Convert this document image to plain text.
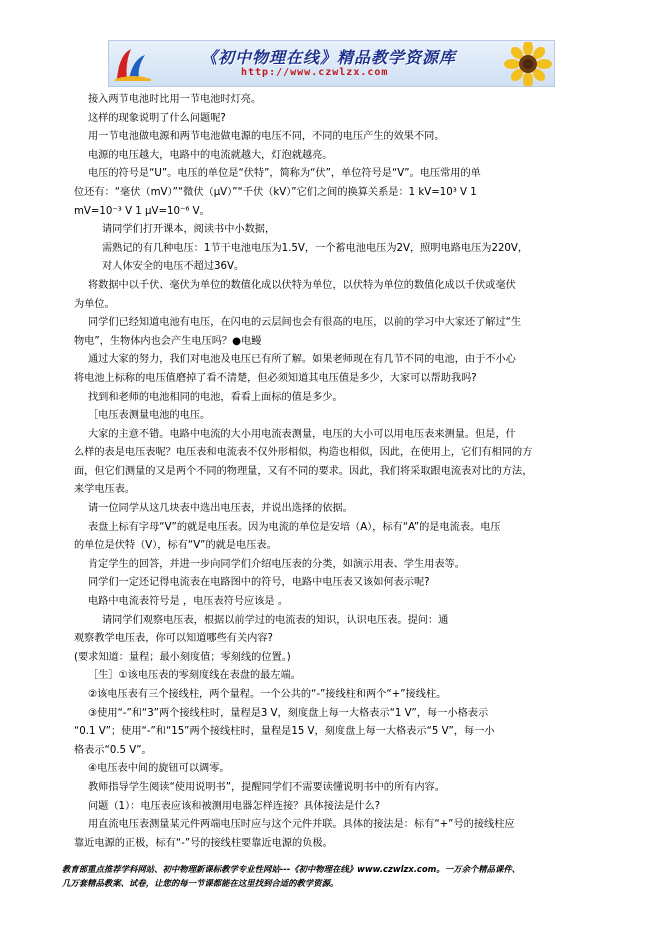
《初中物理在线》精品教学资源库
http://www.czwlzx.com
接入两节电池时比用一节电池时灯亮。
这样的现象说明了什么问题呢?
用一节电池做电源和两节电池做电源的电压不同，不同的电压产生的效果不同。
电源的电压越大，电路中的电流就越大，灯泡就越亮。
电压的符号是“U”。电压的单位是“伏特”，简称为“伏”，单位符号是“V”。电压常用的单
位还有：“毫伏（mV）”“微伏（μV）”“千伏（kV）”它们之间的换算关系是：1 kV=10³ V 1
mV=10⁻³ V 1 μV=10⁻⁶ V。
请同学们打开课本，阅读书中小数据，
需熟记的有几种电压：1节干电池电压为1.5V，一个蓄电池电压为2V，照明电路电压为220V，
对人体安全的电压不超过36V。
将数据中以千伏、毫伏为单位的数值化成以伏特为单位，以伏特为单位的数值化成以千伏或毫伏
为单位。
同学们已经知道电池有电压，在闪电的云层间也会有很高的电压，以前的学习中大家还了解过“生
物电”，生物体内也会产生电压吗？●电鳗
通过大家的努力，我们对电池及电压已有所了解。如果老师现在有几节不同的电池，由于不小心
将电池上标称的电压值磨掉了看不清楚，但必须知道其电压值是多少，大家可以帮助我吗?
找到和老师的电池相同的电池，看看上面标的值是多少。
［电压表测量电池的电压。
大家的主意不错。电路中电流的大小用电流表测量，电压的大小可以用电压表来测量。但是，什
么样的表是电压表呢？电压表和电流表不仅外形相似，构造也相似，因此，在使用上，它们有相同的方
面，但它们测量的又是两个不同的物理量，又有不同的要求。因此，我们将采取跟电流表对比的方法，
来学电压表。
请一位同学从这几块表中选出电压表，并说出选择的依据。
表盘上标有字母“V”的就是电压表。因为电流的单位是安培（A），标有“A”的是电流表。电压
的单位是伏特（V），标有“V”的就是电压表。
肯定学生的回答，并进一步向同学们介绍电压表的分类，如演示用表、学生用表等。
同学们一定还记得电流表在电路图中的符号，电路中电压表又该如何表示呢?
电路中电流表符号是 ，电压表符号应该是 。
请同学们观察电压表，根据以前学过的电流表的知识，认识电压表。提问：通
观察教学电压表，你可以知道哪些有关内容?
(要求知道：量程；最小刻度值；零刻线的位置。)
［生］①该电压表的零刻度线在表盘的最左端。
②该电压表有三个接线柱，两个量程。一个公共的“-”接线柱和两个“+”接线柱。
③使用“-”和“3”两个接线柱时，量程是3 V，刻度盘上每一大格表示“1 V”，每一小格表示
“0.1 V”；使用“-”和“15”两个接线柱时，量程是15 V，刻度盘上每一大格表示“5 V”，每一小
格表示“0.5 V”。
④电压表中间的旋钮可以调零。
教师指导学生阅读“使用说明书”，提醒同学们不需要读懂说明书中的所有内容。
问题（1）：电压表应该和被测用电器怎样连接？具体接法是什么?
用直流电压表测量某元件两端电压时应与这个元件并联。具体的接法是：标有“+”号的接线柱应
靠近电源的正极，标有“-”号的接线柱要靠近电源的负极。
教育部重点推荐学科网站、初中物理新课标教学专业性网站---《初中物理在线》www.czwlzx.com。一万余个精品课件、
几万套精品教案、试卷，让您的每一节课都能在这里找到合适的教学资源。
